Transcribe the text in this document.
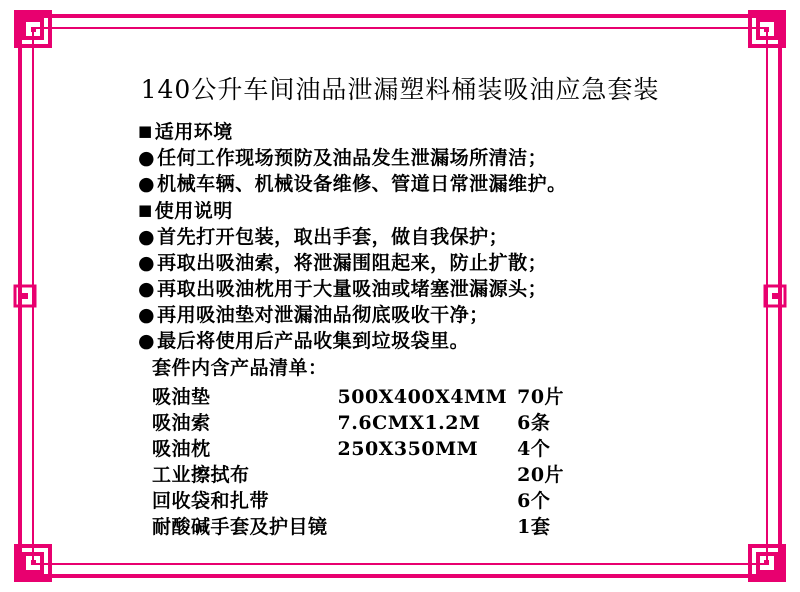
140公升车间油品泄漏塑料桶装吸油应急套装
■ 适用环境
● 任何工作现场预防及油品发生泄漏场所清洁；
● 机械车辆、机械设备维修、管道日常泄漏维护。
■ 使用说明
● 首先打开包装，取出手套，做自我保护；
● 再取出吸油索，将泄漏围阻起来，防止扩散；
● 再取出吸油枕用于大量吸油或堵塞泄漏源头；
● 再用吸油垫对泄漏油品彻底吸收干净；
● 最后将使用后产品收集到垃圾袋里。
套件内含产品清单：
吸油垫	500X400X4MM	70片
吸油索	7.6CMX1.2M	6条
吸油枕	250X350MM	4个
工业擦拭布		20片
回收袋和扎带		6个
耐酸碱手套及护目镜		1套
